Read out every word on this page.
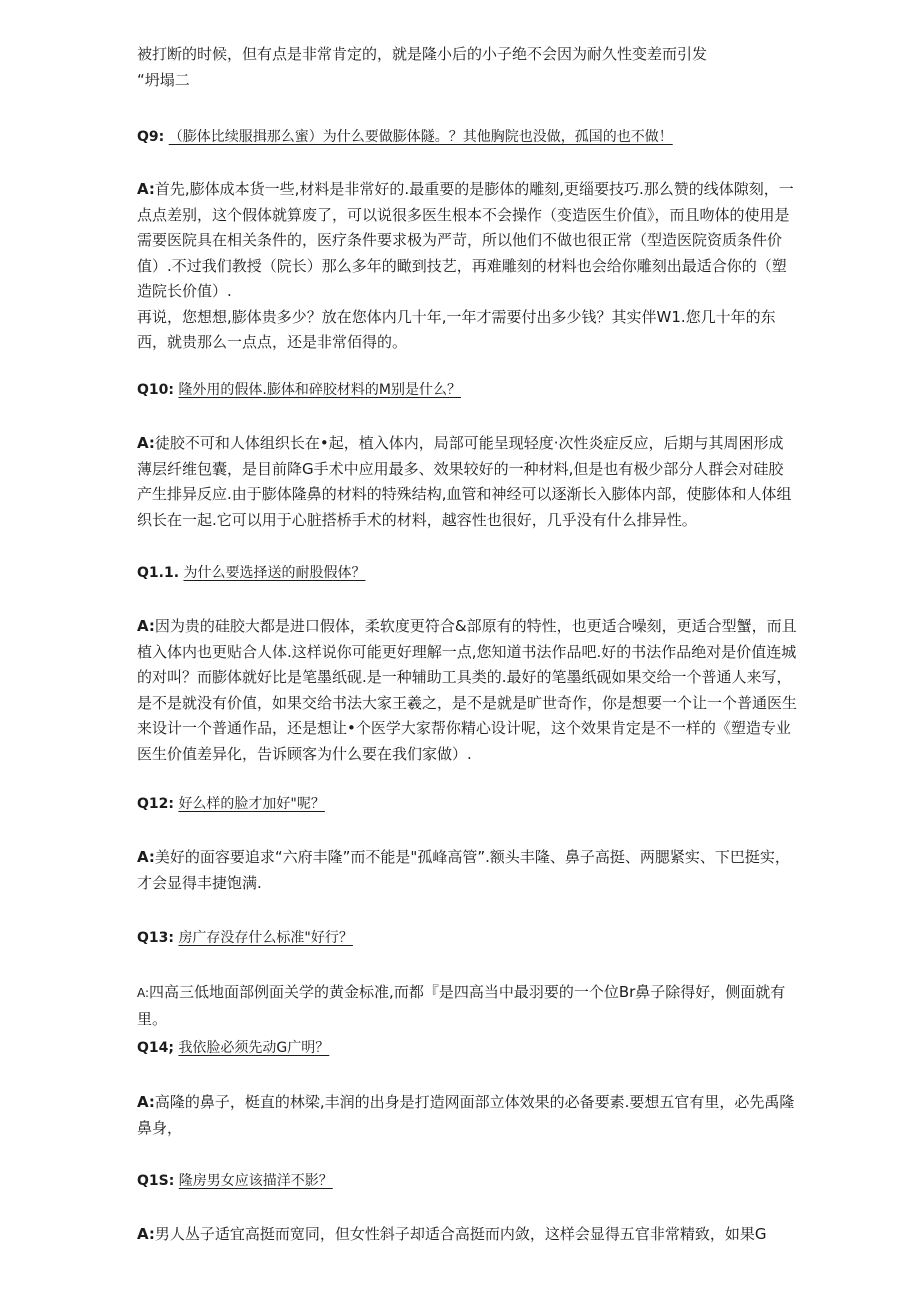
被打断的时候，但有点是非常肯定的，就是隆小后的小子绝不会因为耐久性变差而引发
“坍塌二

Q9: （膨体比续服揖那么蜜）为什么要做膨体隧。？其他胸院也没做，孤国的也不做！

A:首先,膨体成本货一些,材料是非常好的.最重要的是膨体的雕刻,更缁要技巧.那么赞的线体隙刻，一点点差别，这个假体就算废了，可以说很多医生根本不会操作（变造医生价值》，而且吻体的使用是需要医院具在相关条件的，医疗条件要求极为严苛，所以他们不做也很正常（型造医院资质条件价值）.不过我们教授（院长）那么多年的瞰到技艺，再难雕刻的材料也会给你雕刻出最适合你的（塑造院长价值）.
再说，您想想,膨体贵多少？放在您体内几十年,一年才需要付出多少钱？其实伴W1.您几十年的东西，就贵那么一点点，还是非常佰得的。

Q10: 隆外用的假体.膨体和碎胶材料的M别是什么？

A:徒胶不可和人体组织长在•起，植入体内，局部可能呈现轻度·次性炎症反应，后期与其周困形成薄层纤维包囊，是目前降G手术中应用最多、效果较好的一种材料,但是也有极少部分人群会对硅胶产生排异反应.由于膨体隆鼻的材料的特殊结构,血管和神经可以逐渐长入膨体内部，使膨体和人体组织长在一起.它可以用于心脏搭桥手术的材料，越容性也很好，几乎没有什么排异性。

Q1.1. 为什么要选择送的耐股假体？

A:因为贵的硅胶大都是进口假体，柔软度更符合&部原有的特性，也更适合噪刻，更适合型蟹，而且植入体内也更贴合人体.这样说你可能更好理解一点,您知道书法作品吧.好的书法作品绝对是价值连城的对叫？而膨体就好比是笔墨纸砚.是一种辅助工具类的.最好的笔墨纸砚如果交给一个普通人来写，是不是就没有价值，如果交给书法大家王羲之，是不是就是旷世奇作，你是想要一个让一个普通医生来设计一个普通作品，还是想让•个医学大家帮你精心设计呢，这个效果肯定是不一样的《塑造专业医生价值差异化，告诉顾客为什么要在我们家做）.

Q12: 好么样的脸才加好"呢？

A:美好的面容要追求“六府丰隆”而不能是"孤峰高管”.额头丰隆、鼻子高挺、两腮紧实、下巴挺实，才会显得丰捷饱满.

Q13: 房广存没存什么标准"好行？

A:四高三低地面部例面关学的黄金标准,而都『是四高当中最羽要的一个位Br鼻子除得好，侧面就有里。

Q14; 我依脸必须先动G广明？

A:高隆的鼻子，梃直的林梁,丰润的出身是打造网面部立体效果的必备要素.要想五官有里，必先禹隆鼻身，

Q1S: 隆房男女应该描洋不影？

A:男人丛子适宜高挺而宽同，但女性斜子却适合高挺而内敛，这样会显得五官非常精致，如果G
